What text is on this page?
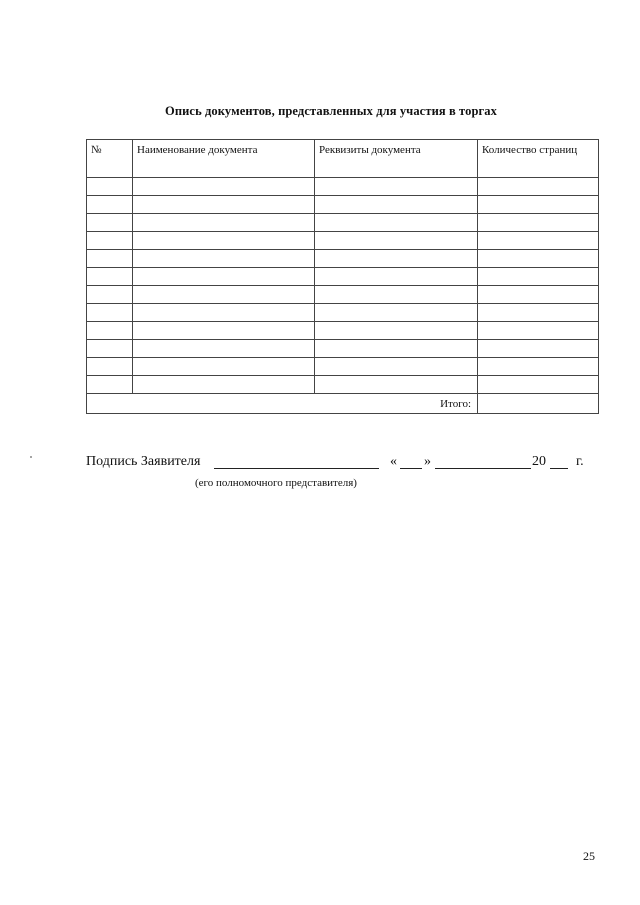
Опись документов, представленных для участия в торгах
№	Наименование документа	Реквизиты документа	Количество страниц

Итого:			
Подпись Заявителя	« »	20 г.
(его полномочного представителя)
25
